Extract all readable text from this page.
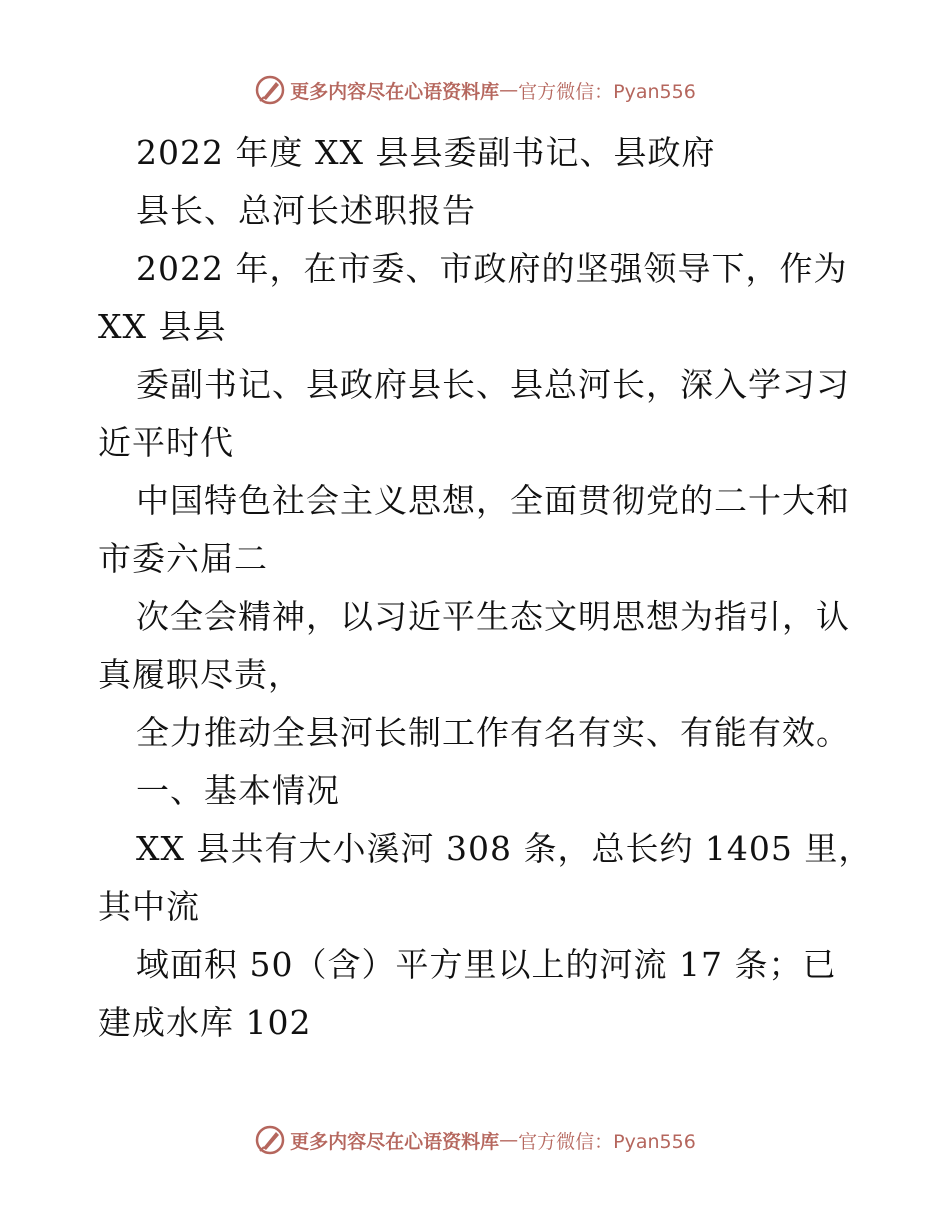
更多内容尽在心语资料库 — 官方微信：Pyan556
2022 年度 XX 县县委副书记、县政府
县长、总河长述职报告
2022 年，在市委、市政府的坚强领导下，作为
XX 县县
委副书记、县政府县长、县总河长，深入学习习
近平时代
中国特色社会主义思想，全面贯彻党的二十大和
市委六届二
次全会精神，以习近平生态文明思想为指引，认
真履职尽责，
全力推动全县河长制工作有名有实、有能有效。
一、基本情况
XX 县共有大小溪河 308 条，总长约 1405 里，
其中流
域面积 50（含）平方里以上的河流 17 条；已
建成水库 102
更多内容尽在心语资料库 — 官方微信：Pyan556
